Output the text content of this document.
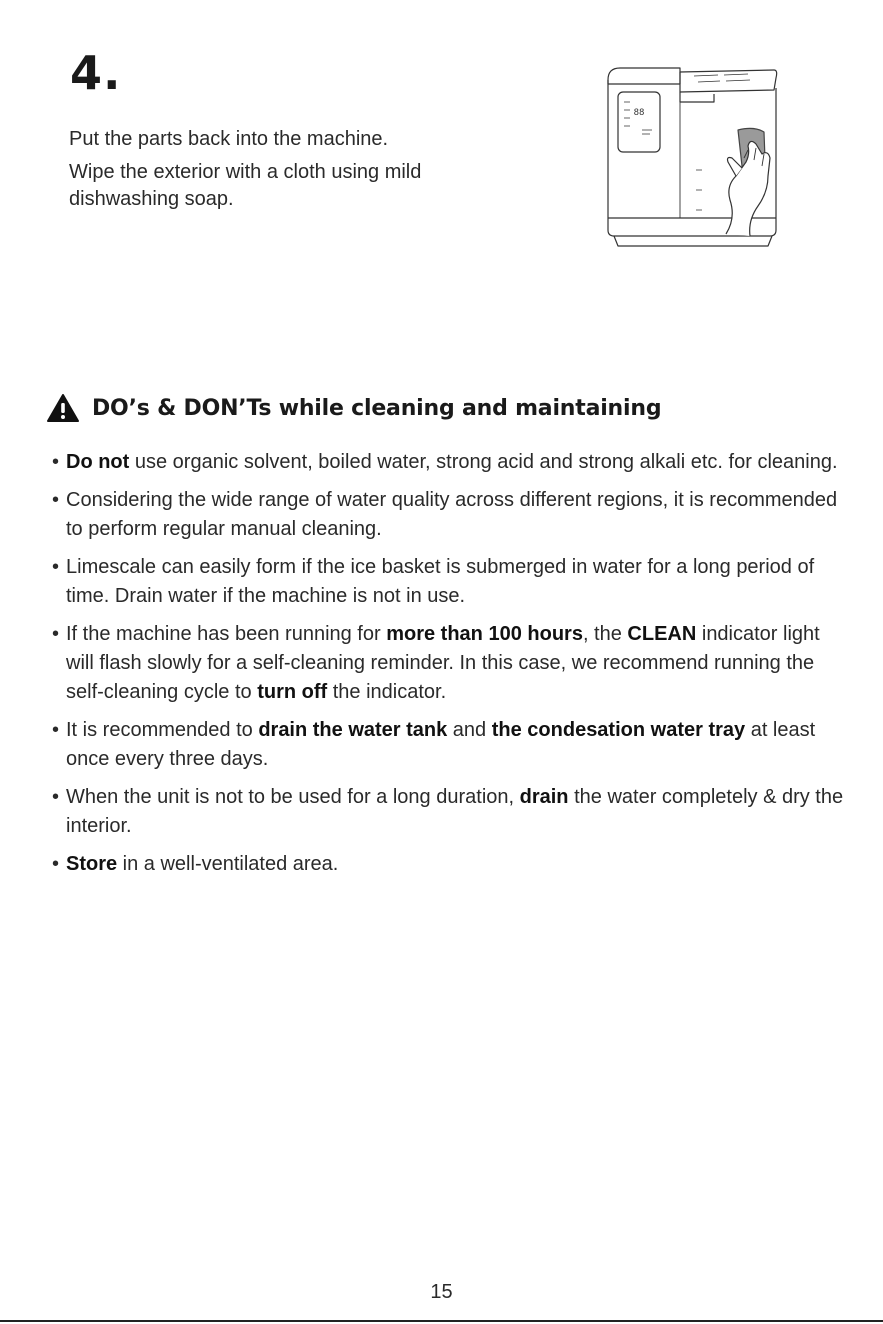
4.

Put the parts back into the machine.

Wipe the exterior with a cloth using mild dishwashing soap.

88
DO’s & DON’Ts while cleaning and maintaining
• Do not use organic solvent, boiled water, strong acid and strong alkali etc. for cleaning.
• Considering the wide range of water quality across different regions, it is recommended to perform regular manual cleaning.
• Limescale can easily form if the ice basket is submerged in water for a long period of time. Drain water if the machine is not in use.
• If the machine has been running for more than 100 hours, the CLEAN indicator light will flash slowly for a self-cleaning reminder. In this case, we recommend running the self-cleaning cycle to turn off the indicator.
• It is recommended to drain the water tank and the condesation water tray at least once every three days.
• When the unit is not to be used for a long duration, drain the water completely & dry the interior.
• Store in a well-ventilated area.
15
